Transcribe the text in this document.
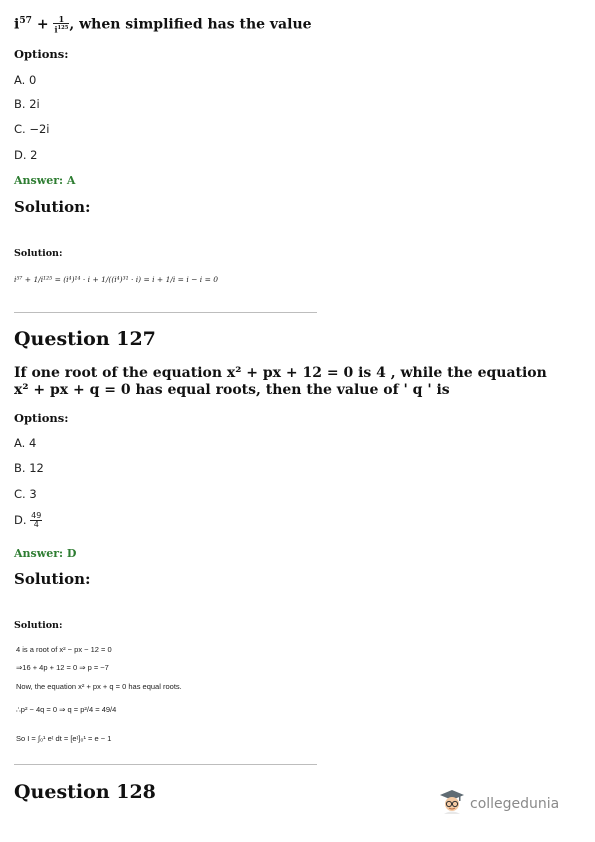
$i^{57} + \frac{1}{i^{125}}$ , when simplified has the value
Options:
A. 0
B. 2i
C. −2i
D. 2
Answer: A
Solution:
Solution:
i⁵⁷ + 1/i¹²⁵ = (i⁴)¹⁴ · i + 1/((i⁴)³¹ · i) = i + 1/i = i − i = 0
Question 127
If one root of the equation x² + px + 12 = 0 is 4 , while the equation
x² + px + q = 0 has equal roots, then the value of ' q ' is
Options:
A. 4
B. 12
C. 3
D. $\frac{49}{4}$
Answer: D
Solution:
Solution:
4 is a root of x² − px − 12 = 0
⇒16 + 4p + 12 = 0 ⇒ p = −7
Now, the equation x² + px + q = 0 has equal roots.
∴p² − 4q = 0 ⇒ q = p²/4 = 49/4
So I = ∫₀¹ eᵗ dt = [eᵗ]₀¹ = e − 1
Question 128
collegedunia
